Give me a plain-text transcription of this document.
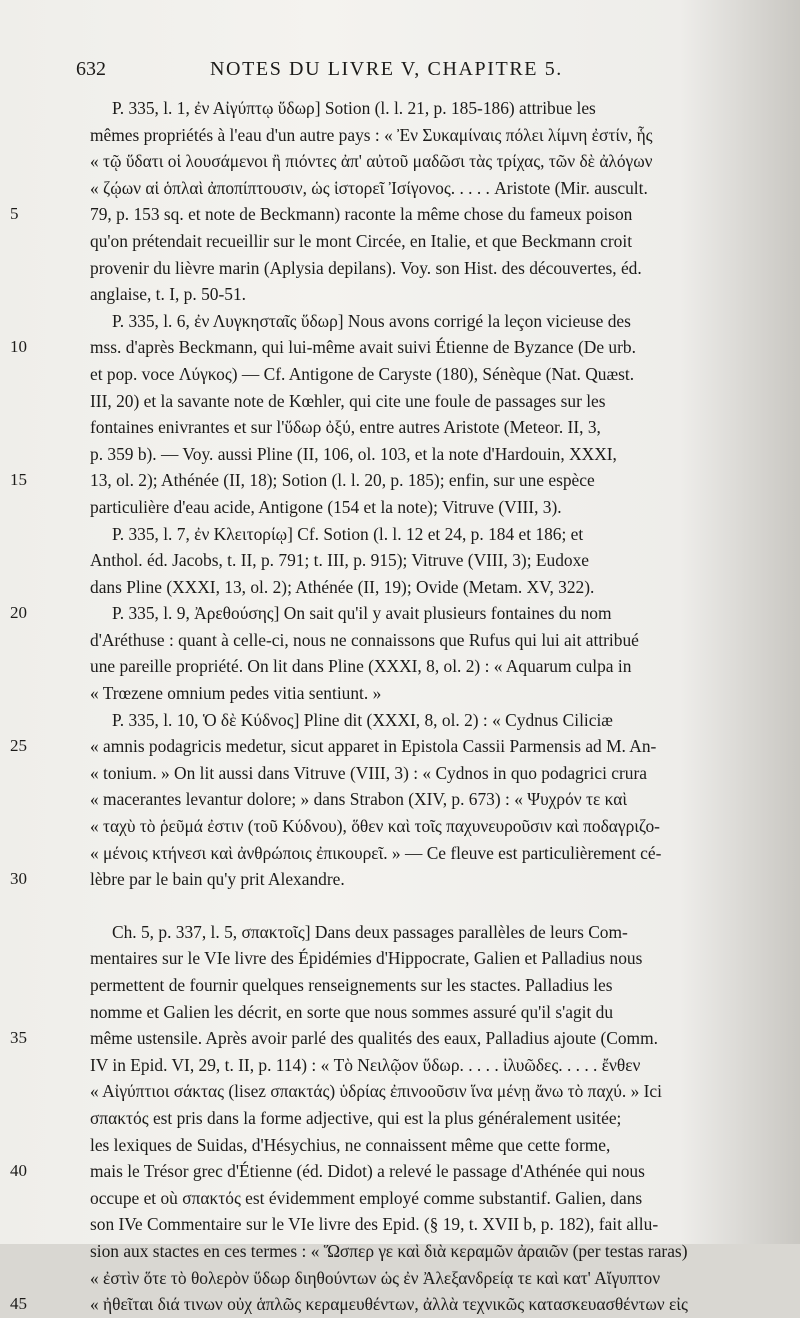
632	NOTES DU LIVRE V, CHAPITRE 5.
P. 335, l. 1, ἐν Αἰγύπτῳ ὕδωρ] Sotion (l. l. 21, p. 185-186) attribue les
mêmes propriétés à l'eau d'un autre pays : « Ἐν Συκαμίναις πόλει λίμνη ἐστίν, ἧς
« τῷ ὕδατι οἱ λουσάμενοι ἢ πιόντες ἀπ' αὐτοῦ μαδῶσι τὰς τρίχας, τῶν δὲ ἀλόγων
« ζῴων αἱ ὁπλαὶ ἀποπίπτουσιν, ὡς ἱστορεῖ Ἰσίγονος. . . . . Aristote (Mir. auscult.
5	79, p. 153 sq. et note de Beckmann) raconte la même chose du fameux poison
qu'on prétendait recueillir sur le mont Circée, en Italie, et que Beckmann croit
provenir du lièvre marin (Aplysia depilans). Voy. son Hist. des découvertes, éd.
anglaise, t. I, p. 50-51.
P. 335, l. 6, ἐν Λυγκησταῖς ὕδωρ] Nous avons corrigé la leçon vicieuse des
10	mss. d'après Beckmann, qui lui-même avait suivi Étienne de Byzance (De urb.
et pop. voce Λύγκος) — Cf. Antigone de Caryste (180), Sénèque (Nat. Quæst.
III, 20) et la savante note de Kœhler, qui cite une foule de passages sur les
fontaines enivrantes et sur l'ὕδωρ ὀξύ, entre autres Aristote (Meteor. II, 3,
p. 359 b). — Voy. aussi Pline (II, 106, ol. 103, et la note d'Hardouin, XXXI,
15	13, ol. 2); Athénée (II, 18); Sotion (l. l. 20, p. 185); enfin, sur une espèce
particulière d'eau acide, Antigone (154 et la note); Vitruve (VIII, 3).
P. 335, l. 7, ἐν Κλειτορίῳ] Cf. Sotion (l. l. 12 et 24, p. 184 et 186; et
Anthol. éd. Jacobs, t. II, p. 791; t. III, p. 915); Vitruve (VIII, 3); Eudoxe
dans Pline (XXXI, 13, ol. 2); Athénée (II, 19); Ovide (Metam. XV, 322).
20	P. 335, l. 9, Ἀρεθούσης] On sait qu'il y avait plusieurs fontaines du nom
d'Aréthuse : quant à celle-ci, nous ne connaissons que Rufus qui lui ait attribué
une pareille propriété. On lit dans Pline (XXXI, 8, ol. 2) : « Aquarum culpa in
« Trœzene omnium pedes vitia sentiunt. »
P. 335, l. 10, Ὁ δὲ Κύδνος] Pline dit (XXXI, 8, ol. 2) : « Cydnus Ciliciæ
25	« amnis podagricis medetur, sicut apparet in Epistola Cassii Parmensis ad M. An-
« tonium. » On lit aussi dans Vitruve (VIII, 3) : « Cydnos in quo podagrici crura
« macerantes levantur dolore; » dans Strabon (XIV, p. 673) : « Ψυχρόν τε καὶ
« ταχὺ τὸ ῥεῦμά ἐστιν (τοῦ Κύδνου), ὅθεν καὶ τοῖς παχυνευροῦσιν καὶ ποδαγριζο-
« μένοις κτήνεσι καὶ ἀνθρώποις ἐπικουρεῖ. » — Ce fleuve est particulièrement cé-
30	lèbre par le bain qu'y prit Alexandre.
Ch. 5, p. 337, l. 5, σπακτοῖς] Dans deux passages parallèles de leurs Com-
mentaires sur le VIe livre des Épidémies d'Hippocrate, Galien et Palladius nous
permettent de fournir quelques renseignements sur les stactes. Palladius les
nomme et Galien les décrit, en sorte que nous sommes assuré qu'il s'agit du
35	même ustensile. Après avoir parlé des qualités des eaux, Palladius ajoute (Comm.
IV in Epid. VI, 29, t. II, p. 114) : « Τὸ Νειλῷον ὕδωρ. . . . . ἰλυῶδες. . . . . ἔνθεν
« Αἰγύπτιοι σάκτας (lisez σπακτάς) ὑδρίας ἐπινοοῦσιν ἵνα μένῃ ἄνω τὸ παχύ. » Ici
σπακτός est pris dans la forme adjective, qui est la plus généralement usitée;
les lexiques de Suidas, d'Hésychius, ne connaissent même que cette forme,
40	mais le Trésor grec d'Étienne (éd. Didot) a relevé le passage d'Athénée qui nous
occupe et où σπακτός est évidemment employé comme substantif. Galien, dans
son IVe Commentaire sur le VIe livre des Epid. (§ 19, t. XVII b, p. 182), fait allu-
sion aux stactes en ces termes : « Ὥσπερ γε καὶ διὰ κεραμῶν ἀραιῶν (per testas raras)
« ἐστὶν ὅτε τὸ θολερὸν ὕδωρ διηθούντων ὡς ἐν Ἀλεξανδρείᾳ τε καὶ κατ' Αἴγυπτον
45	« ἠθεῖται διά τινων οὐχ ἁπλῶς κεραμευθέντων, ἀλλὰ τεχνικῶς κατασκευασθέντων εἰς
